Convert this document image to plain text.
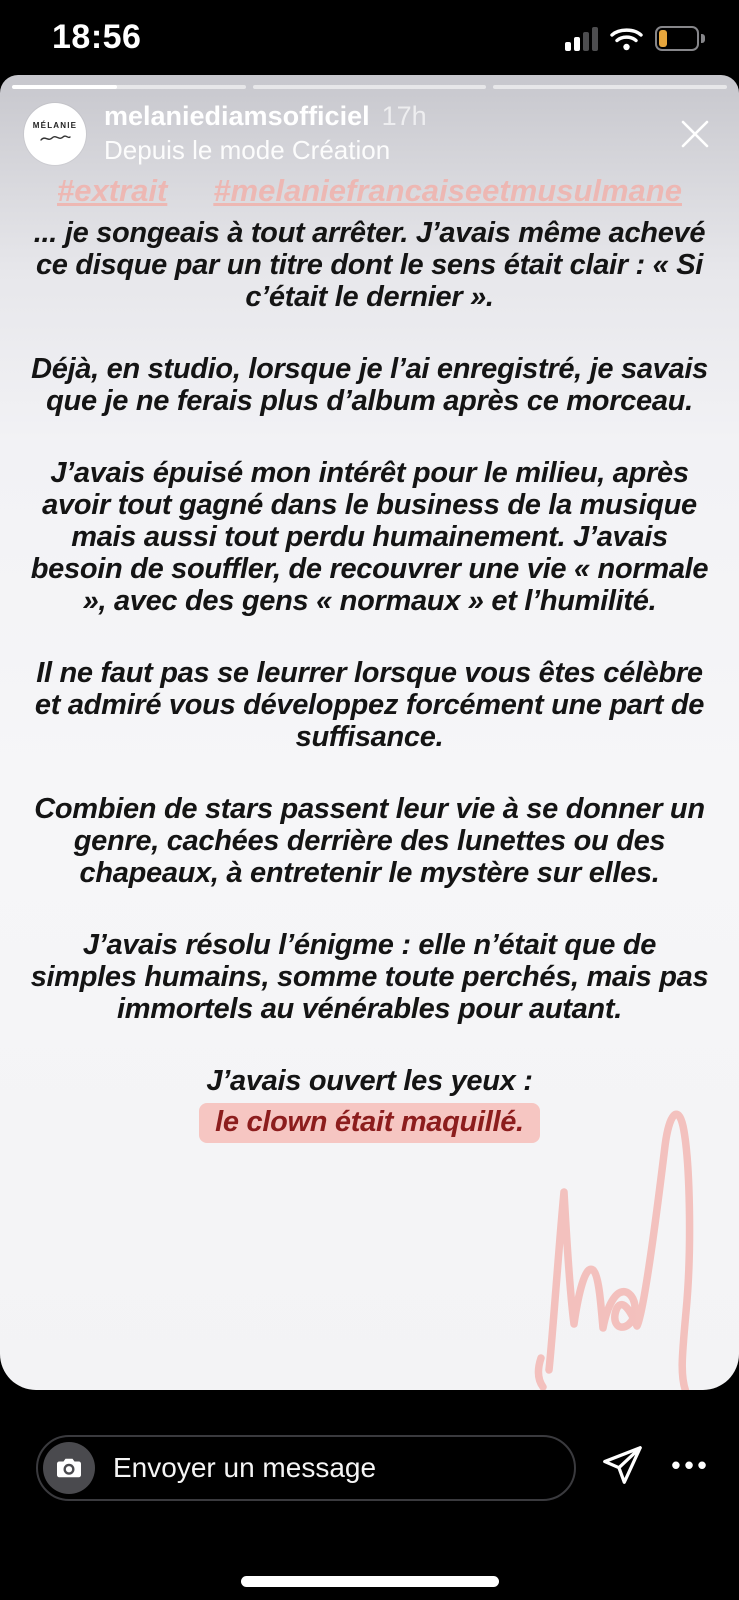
18:56
MÉLANIE melaniediamsofficiel 17h
Depuis le mode Création
#extrait #melaniefrancaiseetmusulmane

... je songeais à tout arrêter. J’avais même achevé ce disque par un titre dont le sens était clair : « Si c’était le dernier ».

Déjà, en studio, lorsque je l’ai enregistré, je savais que je ne ferais plus d’album après ce morceau.

J’avais épuisé mon intérêt pour le milieu, après avoir tout gagné dans le business de la musique mais aussi tout perdu humainement. J’avais besoin de souffler, de recouvrer une vie « normale », avec des gens « normaux » et l’humilité.

Il ne faut pas se leurrer lorsque vous êtes célèbre et admiré vous développez forcément une part de suffisance.

Combien de stars passent leur vie à se donner un genre, cachées derrière des lunettes ou des chapeaux, à entretenir le mystère sur elles.

J’avais résolu l’énigme : elle n’était que de simples humains, somme toute perchés, mais pas immortels au vénérables pour autant.

J’avais ouvert les yeux :
le clown était maquillé.
Envoyer un message
•••
